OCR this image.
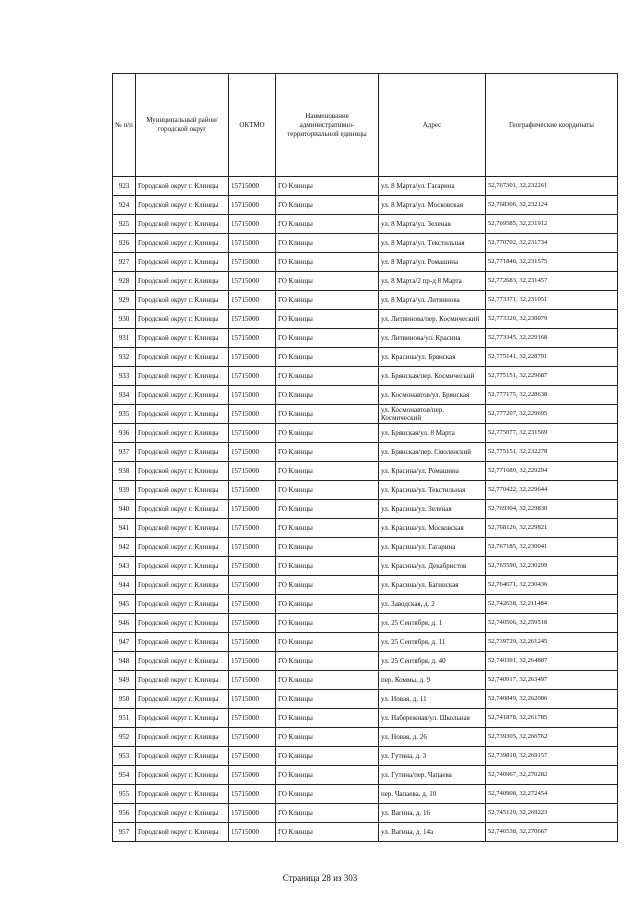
№ п/п	Муниципальный район/городской округ	ОКТМО	Наименование административно-территориальной единицы	Адрес	Географические координаты
923	Городской округ г. Клинцы	15715000	ГО Клинцы	ул. 8 Марта/ул. Гагарина	52,767301, 32,232261
924	Городской округ г. Клинцы	15715000	ГО Клинцы	ул. 8 Марта/ул. Московская	52,768306, 32,232124
925	Городской округ г. Клинцы	15715000	ГО Клинцы	ул. 8 Марта/ул. Зеленая	52,769585, 32,231912
926	Городской округ г. Клинцы	15715000	ГО Клинцы	ул. 8 Марта/ул. Текстильная	52,770702, 32,231734
927	Городской округ г. Клинцы	15715000	ГО Клинцы	ул. 8 Марта/ул. Ромашина	52,771848, 32,231575
928	Городской округ г. Клинцы	15715000	ГО Клинцы	ул. 8 Марта/2 пр-д 8 Марта	52,772683, 32,231457
929	Городской округ г. Клинцы	15715000	ГО Клинцы	ул. 8 Марта/ул. Литвинова	52,773371, 32,231051
930	Городской округ г. Клинцы	15715000	ГО Клинцы	ул. Литвинова/пер. Космический	52,773320, 32,230079
931	Городской округ г. Клинцы	15715000	ГО Клинцы	ул. Литвинова/ул. Красина	52,773345, 32,229168
932	Городской округ г. Клинцы	15715000	ГО Клинцы	ул. Красина/ул. Брянская	52,775141, 32,228791
933	Городской округ г. Клинцы	15715000	ГО Клинцы	ул. Брянская/пер. Космический	52,775151, 32,229687
934	Городской округ г. Клинцы	15715000	ГО Клинцы	ул. Космонавтов/ул. Брянская	52,777175, 32,228638
935	Городской округ г. Клинцы	15715000	ГО Клинцы	ул. Космонавтов/пер. Космический	52,777207, 32,229695
936	Городской округ г. Клинцы	15715000	ГО Клинцы	ул. Брянская/ул. 8 Марта	52,775077, 32,231569
937	Городской округ г. Клинцы	15715000	ГО Клинцы	ул. Брянская/пер. Смоленский	52,775151, 32,232278
938	Городской округ г. Клинцы	15715000	ГО Клинцы	ул. Красина/ул. Ромашина	52,771689, 32,229294
939	Городской округ г. Клинцы	15715000	ГО Клинцы	ул. Красина/ул. Текстильная	52,770422, 32,229644
940	Городской округ г. Клинцы	15715000	ГО Клинцы	ул. Красина/ул. Зеленая	52,769304, 32,229830
941	Городской округ г. Клинцы	15715000	ГО Клинцы	ул. Красина/ул. Московская	52,768126, 32,229821
942	Городской округ г. Клинцы	15715000	ГО Клинцы	ул. Красина/ул. Гагарина	52,767185, 32,230041
943	Городской округ г. Клинцы	15715000	ГО Клинцы	ул. Красина/ул. Декабристов	52,765590, 32,230299
944	Городской округ г. Клинцы	15715000	ГО Клинцы	ул. Красина/ул. Багинская	52,764671, 32,230436
945	Городской округ г. Клинцы	15715000	ГО Клинцы	ул. Заводская, д. 2	52,742638, 32,211484
946	Городской округ г. Клинцы	15715000	ГО Клинцы	ул. 25 Сентября, д. 1	52,740506, 32,259518
947	Городской округ г. Клинцы	15715000	ГО Клинцы	ул. 25 Сентября, д. 11	52,739729, 32,261245
948	Городской округ г. Клинцы	15715000	ГО Клинцы	ул. 25 Сентября, д. 40	52,740391, 32,264887
949	Городской округ г. Клинцы	15715000	ГО Клинцы	пер. Коммы, д. 9	52,740917, 32,263497
950	Городской округ г. Клинцы	15715000	ГО Клинцы	ул. Новая, д. 11	52,740849, 32,262086
951	Городской округ г. Клинцы	15715000	ГО Клинцы	ул. Набережная/ул. Школьная	52,741878, 32,261785
952	Городской округ г. Клинцы	15715000	ГО Клинцы	ул. Новая, д. 26	52,739305, 32,266762
953	Городской округ г. Клинцы	15715000	ГО Клинцы	ул. Гутина, д. 3	52,739810, 32,269157
954	Городской округ г. Клинцы	15715000	ГО Клинцы	ул. Гутина/пер. Чапаева	52,740967, 32,270282
955	Городской округ г. Клинцы	15715000	ГО Клинцы	пер. Чапаева, д. 10	52,740908, 32,272454
956	Городской округ г. Клинцы	15715000	ГО Клинцы	ул. Вагина, д. 16	52,745129, 32,269223
957	Городской округ г. Клинцы	15715000	ГО Клинцы	ул. Вагина, д. 14а	52,746538, 32,270667
Страница 28 из 303
